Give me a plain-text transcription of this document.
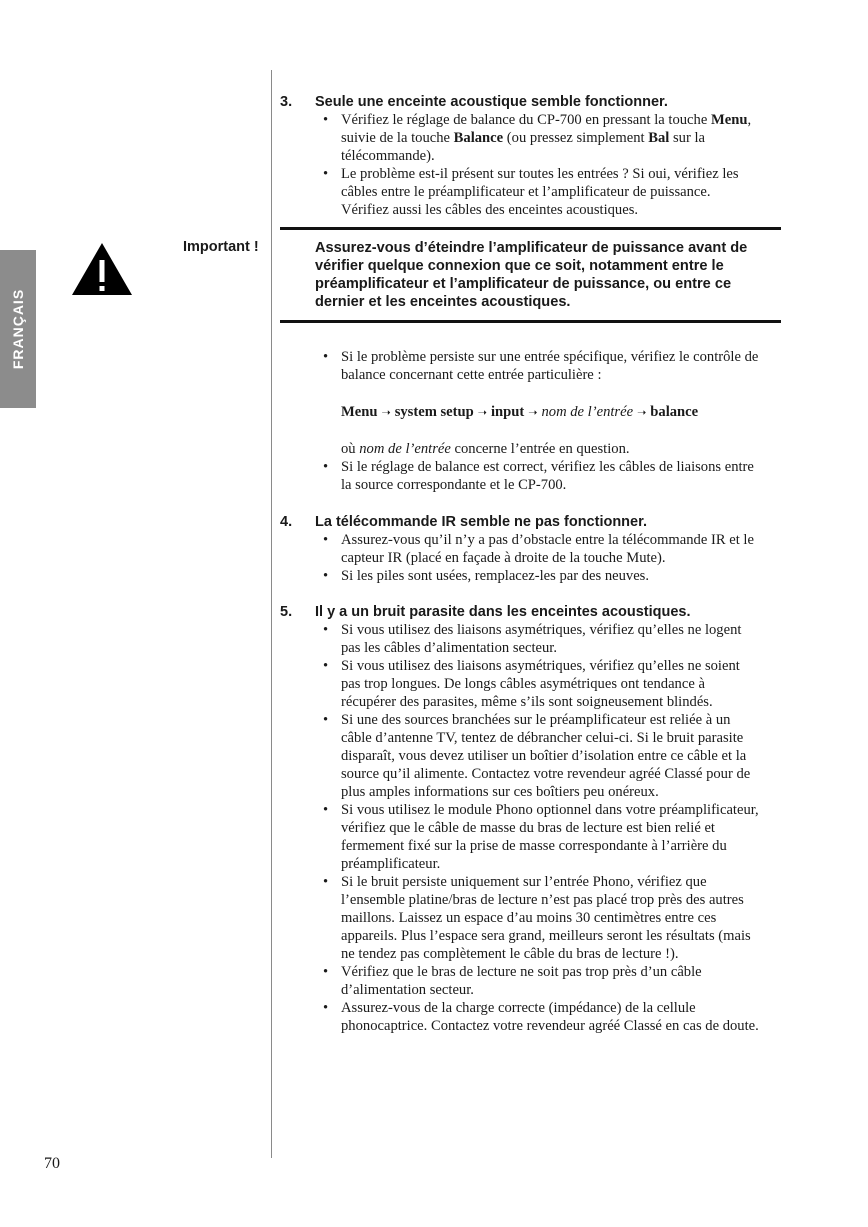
FRANÇAIS
Important !
3.	Seule une enceinte acoustique semble fonctionner.
• Vérifiez le réglage de balance du CP-700 en pressant la touche Menu, suivie de la touche Balance (ou pressez simplement Bal sur la télécommande).
• Le problème est-il présent sur toutes les entrées ? Si oui, vérifiez les câbles entre le préamplificateur et l’amplificateur de puissance. Vérifiez aussi les câbles des enceintes acoustiques.
Assurez-vous d’éteindre l’amplificateur de puissance avant de vérifier quelque connexion que ce soit, notamment entre le préamplificateur et l’amplificateur de puissance, ou entre ce dernier et les enceintes acoustiques.
• Si le problème persiste sur une entrée spécifique, vérifiez le contrôle de balance concernant cette entrée particulière :
Menu ➝ system setup ➝ input ➝ nom de l’entrée ➝ balance
où nom de l’entrée concerne l’entrée en question.
• Si le réglage de balance est correct, vérifiez les câbles de liaisons entre la source correspondante et le CP-700.
4.	La télécommande IR semble ne pas fonctionner.
• Assurez-vous qu’il n’y a pas d’obstacle entre la télécommande IR et le capteur IR (placé en façade à droite de la touche Mute).
• Si les piles sont usées, remplacez-les par des neuves.
5.	Il y a un bruit parasite dans les enceintes acoustiques.
• Si vous utilisez des liaisons asymétriques, vérifiez qu’elles ne logent pas les câbles d’alimentation secteur.
• Si vous utilisez des liaisons asymétriques, vérifiez qu’elles ne soient pas trop longues. De longs câbles asymétriques ont tendance à récupérer des parasites, même s’ils sont soigneusement blindés.
• Si une des sources branchées sur le préamplificateur est reliée à un câble d’antenne TV, tentez de débrancher celui-ci. Si le bruit parasite disparaît, vous devez utiliser un boîtier d’isolation entre ce câble et la source qu’il alimente. Contactez votre revendeur agréé Classé pour de plus amples informations sur ces boîtiers peu onéreux.
• Si vous utilisez le module Phono optionnel dans votre préamplificateur, vérifiez que le câble de masse du bras de lecture est bien relié et fermement fixé sur la prise de masse correspondante à l’arrière du préamplificateur.
• Si le bruit persiste uniquement sur l’entrée Phono, vérifiez que l’ensemble platine/bras de lecture n’est pas placé trop près des autres maillons. Laissez un espace d’au moins 30 centimètres entre ces appareils. Plus l’espace sera grand, meilleurs seront les résultats (mais ne tendez pas complètement le câble du bras de lecture !).
• Vérifiez que le bras de lecture ne soit pas trop près d’un câble d’alimentation secteur.
• Assurez-vous de la charge correcte (impédance) de la cellule phonocaptrice. Contactez votre revendeur agréé Classé en cas de doute.
70
